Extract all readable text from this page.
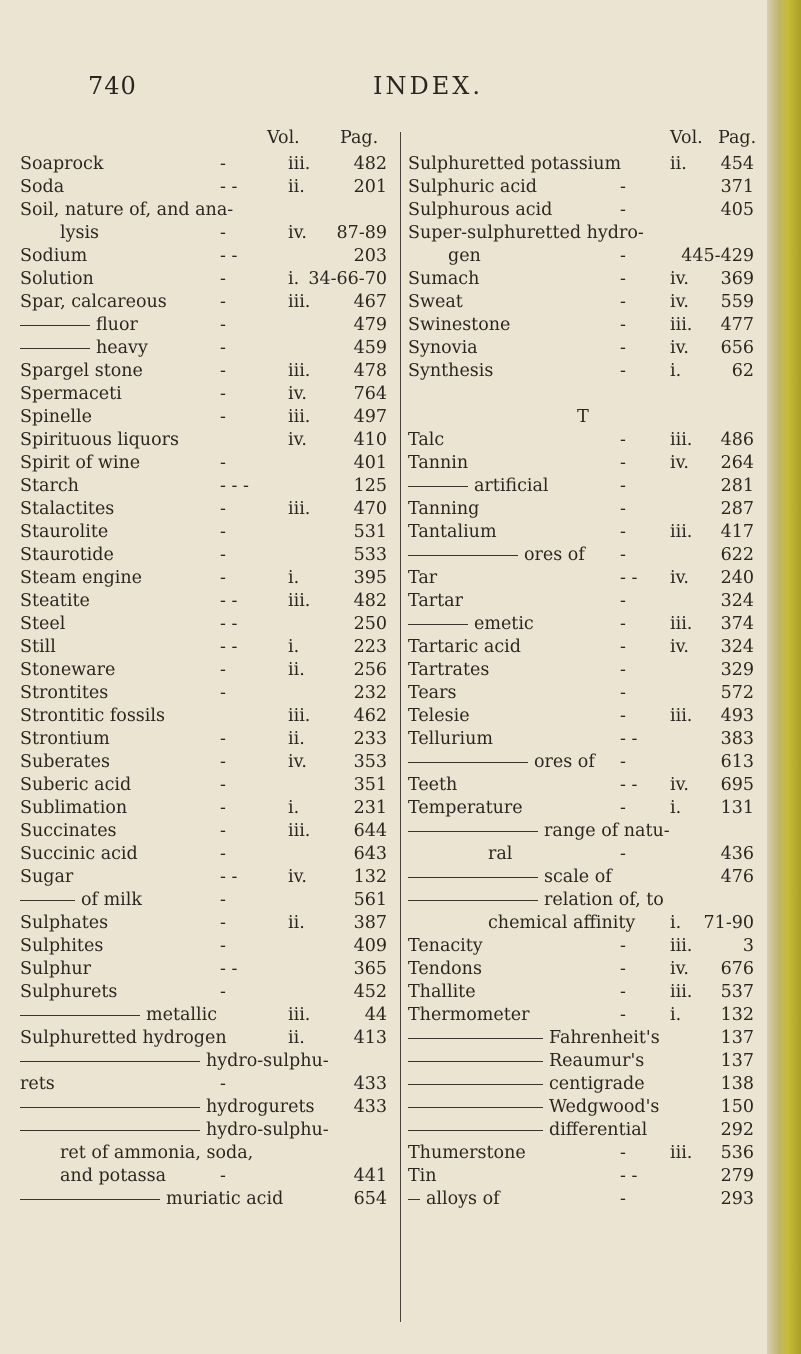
740	INDEX.
Vol. Pag.
Soaprock	-	iii. 482
Soda	- -	ii.	201
Soil, nature of, and ana-
lysis	-	iv. 87-89
Sodium	- -	203
Solution	-	i. 34-66-70
Spar, calcareous	-	iii. 467
fluor	-	479
heavy	-	459
Spargel stone	-	iii. 478
Spermaceti	-	iv.	764
Spinelle	-	iii. 497
Spirituous liquors	iv.	410
Spirit of wine	-	401
Starch	- - -	125
Stalactites	-	iii. 470
Staurolite	-	531
Staurotide	-	533
Steam engine	-	i.	395
Steatite	- -	iii. 482
Steel	- -	250
Still	- -	i.	223
Stoneware	-	ii.	256
Strontites	-	232
Strontitic fossils	iii. 462
Strontium	-	ii.	233
Suberates	-	iv.	353
Suberic acid	-	351
Sublimation	-	i.	231
Succinates	-	iii. 644
Succinic acid	-	643
Sugar	- -	iv.	132
of milk	-	561
Sulphates	-	ii.	387
Sulphites	-	409
Sulphur	- -	365
Sulphurets	-	452
metallic	iii.	44
Sulphuretted hydrogen	ii.	413
hydro-sulphu-
rets	-	433
hydrogurets 433
hydro-sulphu-
ret of ammonia, soda,
and potassa	-	441
muriatic acid	654
Vol. Pag.
Sulphuretted potassium	ii. 454
Sulphuric acid	-	371
Sulphurous acid	-	405
Super-sulphuretted hydro-
gen	-	445-429
Sumach	-	iv. 369
Sweat	-	iv. 559
Swinestone	-	iii. 477
Synovia	-	iv. 656
Synthesis	-	i.	62
T
Talc	-	iii. 486
Tannin	-	iv. 264
artificial	-	281
Tanning	-	287
Tantalium	-	iii. 417
ores of -	622
Tar	- - iv. 240
Tartar	-	324
emetic	-	iii. 374
Tartaric acid	-	iv. 324
Tartrates	-	329
Tears	-	572
Telesie	-	iii. 493
Tellurium	- -	383
ores of -	613
Teeth	- - iv. 695
Temperature	-	i. 131
range of natu-
ral	-	436
scale of	476
relation of, to
chemical affinity i. 71-90
Tenacity	-	iii.	3
Tendons	-	iv. 676
Thallite	-	iii. 537
Thermometer	-	i. 132
Fahrenheit's	137
Reaumur's	137
centigrade	138
Wedgwood's	150
differential	292
Thumerstone	-	iii. 536
Tin	- -	279
alloys of	-	293
